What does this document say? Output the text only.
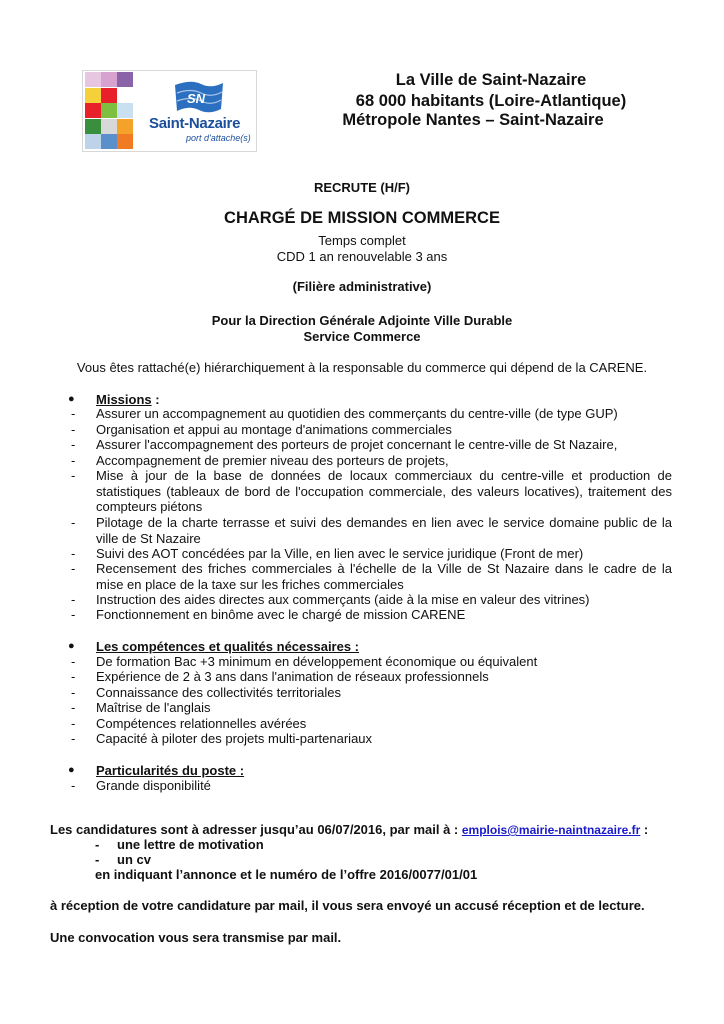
SN
Saint-Nazaire
port d'attache(s)
La Ville de Saint-Nazaire
68 000 habitants (Loire-Atlantique)
Métropole Nantes – Saint-Nazaire
RECRUTE (H/F)
CHARGÉ DE MISSION COMMERCE
Temps complet
CDD 1 an renouvelable 3 ans
(Filière administrative)
Pour la Direction Générale Adjointe Ville Durable
Service Commerce
Vous êtes rattaché(e) hiérarchiquement à la responsable du commerce qui dépend de la CARENE.
● Missions :
- Assurer un accompagnement au quotidien des commerçants du centre-ville (de type GUP)
- Organisation et appui au montage d'animations commerciales
- Assurer l'accompagnement des porteurs de projet concernant le centre-ville de St Nazaire,
- Accompagnement de premier niveau des porteurs de projets,
- Mise à jour de la base de données de locaux commerciaux du centre-ville et production de statistiques (tableaux de bord de l'occupation commerciale, des valeurs locatives), traitement des compteurs piétons
- Pilotage de la charte terrasse et suivi des demandes en lien avec le service domaine public de la ville de St Nazaire
- Suivi des AOT concédées par la Ville, en lien avec le service juridique (Front de mer)
- Recensement des friches commerciales à l'échelle de la Ville de St Nazaire dans le cadre de la mise en place de la taxe sur les friches commerciales
- Instruction des aides directes aux commerçants (aide à la mise en valeur des vitrines)
- Fonctionnement en binôme avec le chargé de mission CARENE
● Les compétences et qualités nécessaires :
- De formation Bac +3 minimum en développement économique ou équivalent
- Expérience de 2 à 3 ans dans l'animation de réseaux professionnels
- Connaissance des collectivités territoriales
- Maîtrise de l'anglais
- Compétences relationnelles avérées
- Capacité à piloter des projets multi-partenariaux
● Particularités du poste :
- Grande disponibilité
Les candidatures sont à adresser jusqu’au 06/07/2016, par mail à : emplois@mairie-naintnazaire.fr :
- une lettre de motivation
- un cv
en indiquant l’annonce et le numéro de l’offre 2016/0077/01/01
à réception de votre candidature par mail, il vous sera envoyé un accusé réception et de lecture.
Une convocation vous sera transmise par mail.
